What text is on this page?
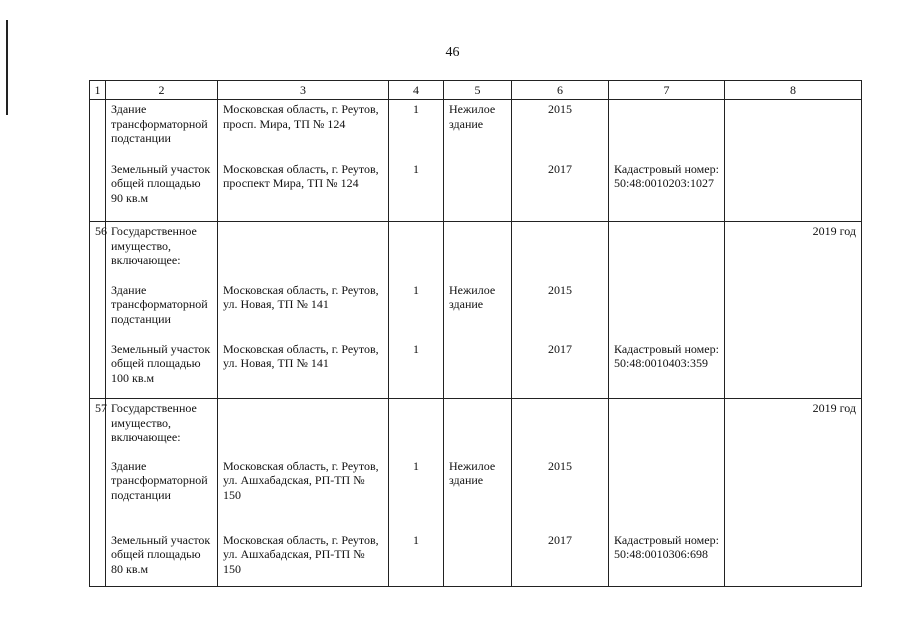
46
1	2	3	4	5	6	7	8
	Здание трансформаторной подстанции	Московская область, г. Реутов, просп. Мира, ТП № 124	1	Нежилое здание	2015		
	Земельный участок общей площадью 90 кв.м	Московская область, г. Реутов, проспект Мира, ТП № 124	1		2017	Кадастровый номер: 50:48:0010203:1027	
56	Государственное имущество, включающее:						2019 год
	Здание трансформаторной подстанции	Московская область, г. Реутов, ул. Новая, ТП № 141	1	Нежилое здание	2015		
	Земельный участок общей площадью 100 кв.м	Московская область, г. Реутов, ул. Новая, ТП № 141	1		2017	Кадастровый номер: 50:48:0010403:359	
57	Государственное имущество, включающее:						2019 год
	Здание трансформаторной подстанции	Московская область, г. Реутов, ул. Ашхабадская, РП-ТП № 150	1	Нежилое здание	2015		
	Земельный участок общей площадью 80 кв.м	Московская область, г. Реутов, ул. Ашхабадская, РП-ТП № 150	1		2017	Кадастровый номер: 50:48:0010306:698	
